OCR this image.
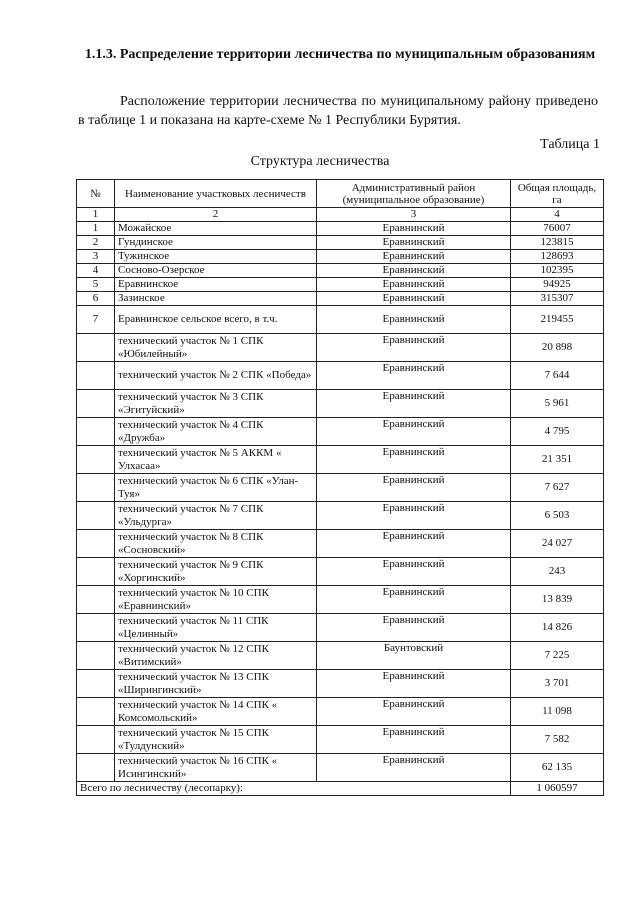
1.1.3. Распределение территории лесничества по муниципальным образованиям
Расположение территории лесничества по муниципальному району приведено в таблице 1 и показана на карте-схеме № 1 Республики Бурятия.
Таблица 1
Структура лесничества
№	Наименование участковых лесничеств	Административный район (муниципальное образование)	Общая площадь, га
1	2	3	4
1	Можайское	Еравнинский	76007
2	Гундинское	Еравнинский	123815
3	Тужинское	Еравнинский	128693
4	Сосново-Озерское	Еравнинский	102395
5	Еравнинское	Еравнинский	94925
6	Зазинское	Еравнинский	315307
7	Еравнинское сельское всего, в т.ч.	Еравнинский	219455
	технический участок № 1 СПК «Юбилейный»	Еравнинский	20 898
	технический участок № 2 СПК «Победа»	Еравнинский	7 644
	технический участок № 3 СПК «Эгитуйский»	Еравнинский	5 961
	технический участок № 4 СПК «Дружба»	Еравнинский	4 795
	технический участок № 5 АККМ « Улхасаа»	Еравнинский	21 351
	технический участок № 6 СПК «Улан-Туя»	Еравнинский	7 627
	технический участок № 7 СПК «Ульдурга»	Еравнинский	6 503
	технический участок № 8 СПК «Сосновский»	Еравнинский	24 027
	технический участок № 9 СПК «Хоргинский»	Еравнинский	243
	технический участок № 10 СПК «Еравнинский»	Еравнинский	13 839
	технический участок № 11 СПК «Целинный»	Еравнинский	14 826
	технический участок № 12 СПК «Витимский»	Баунтовский	7 225
	технический участок № 13 СПК «Ширингинский»	Еравнинский	3 701
	технический участок № 14 СПК « Комсомольский»	Еравнинский	11 098
	технический участок № 15 СПК «Тулдунский»	Еравнинский	7 582
	технический участок № 16 СПК « Исингинский»	Еравнинский	62 135
Всего по лесничеству (лесопарку):			1 060597
